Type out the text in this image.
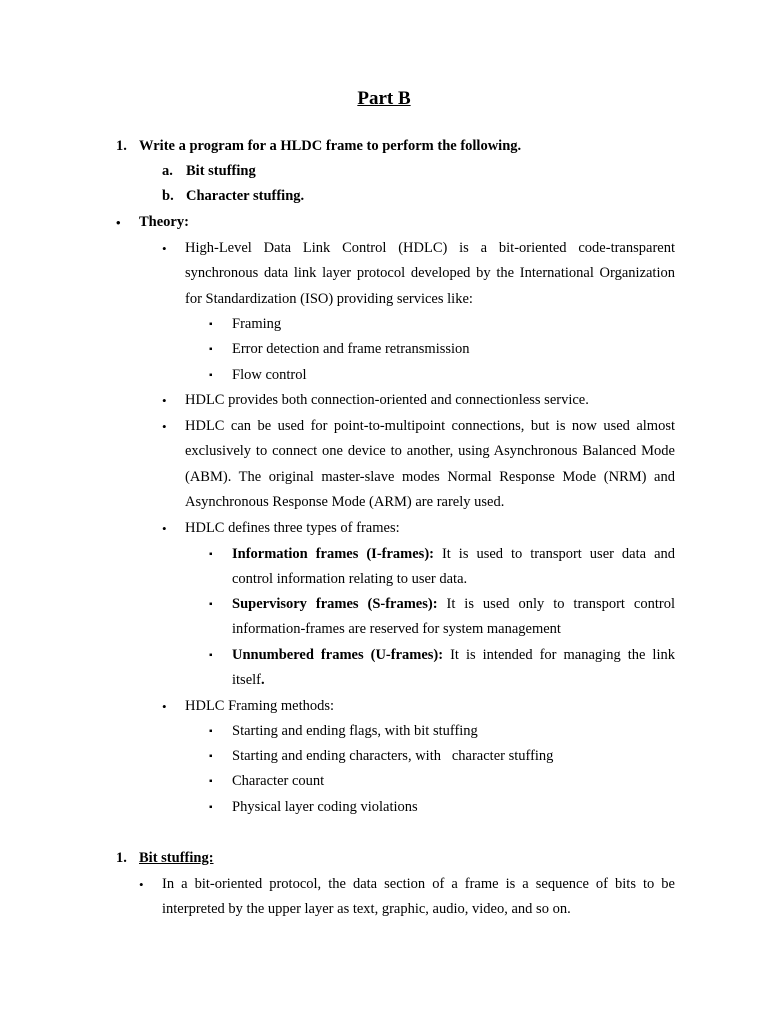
Part B
1. Write a program for a HLDC frame to perform the following.
a. Bit stuffing
b. Character stuffing.
• Theory:
• High-Level Data Link Control (HDLC) is a bit-oriented code-transparent synchronous data link layer protocol developed by the International Organization for Standardization (ISO) providing services like:
▪ Framing
▪ Error detection and frame retransmission
▪ Flow control
• HDLC provides both connection-oriented and connectionless service.
• HDLC can be used for point-to-multipoint connections, but is now used almost exclusively to connect one device to another, using Asynchronous Balanced Mode (ABM). The original master-slave modes Normal Response Mode (NRM) and Asynchronous Response Mode (ARM) are rarely used.
• HDLC defines three types of frames:
▪ Information frames (I-frames): It is used to transport user data and control information relating to user data.
▪ Supervisory frames (S-frames): It is used only to transport control information-frames are reserved for system management
▪ Unnumbered frames (U-frames): It is intended for managing the link itself.
• HDLC Framing methods:
▪ Starting and ending flags, with bit stuffing
▪ Starting and ending characters, with   character stuffing
▪ Character count
▪ Physical layer coding violations
1. Bit stuffing:
• In a bit-oriented protocol, the data section of a frame is a sequence of bits to be interpreted by the upper layer as text, graphic, audio, video, and so on.
